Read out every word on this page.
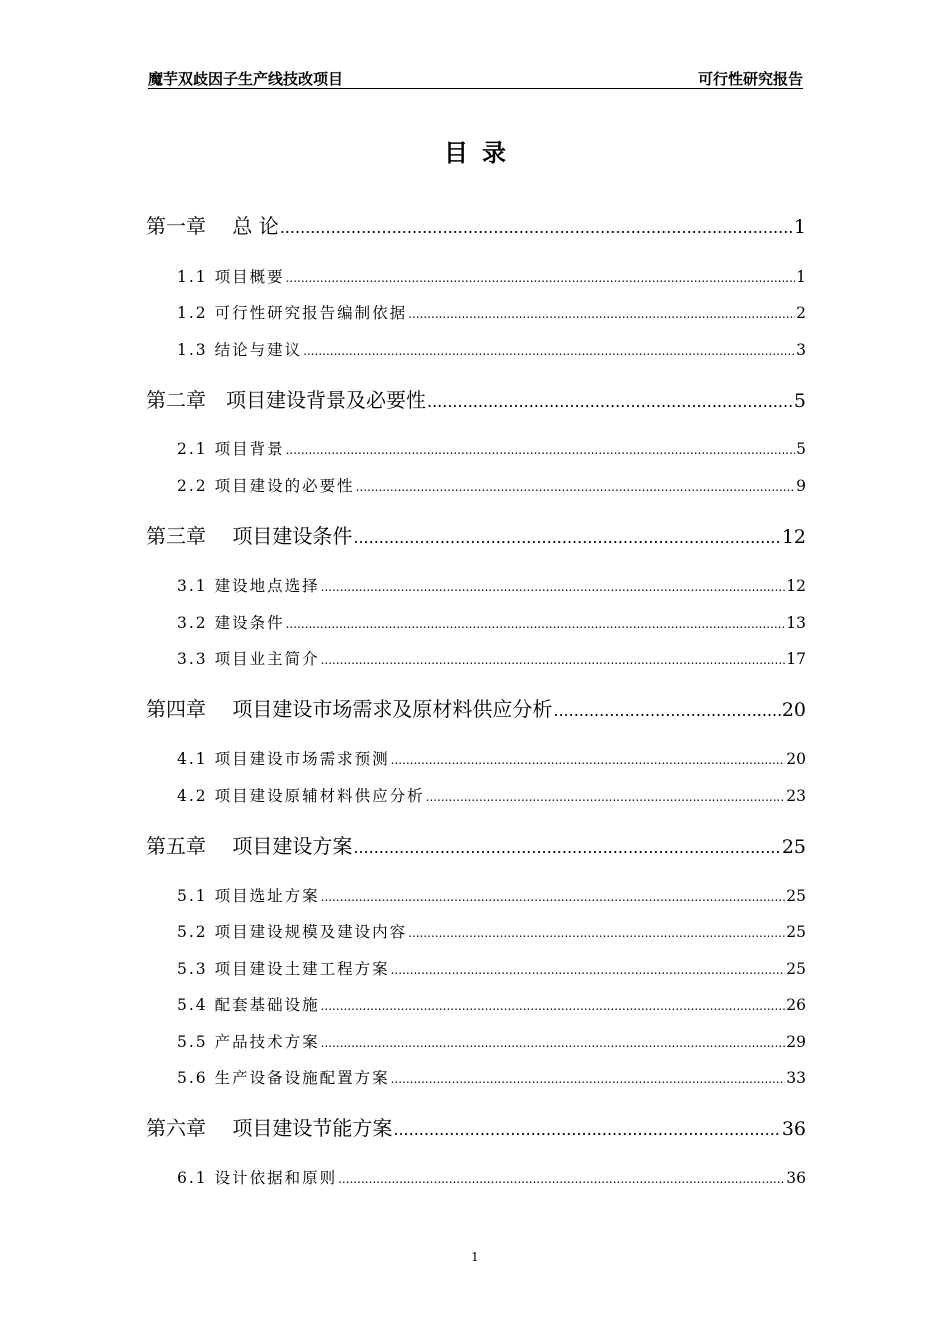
魔芋双歧因子生产线技改项目	可行性研究报告
目录
第一章　 总 论 .....	1
1.1 项目概要 .....	1
1.2 可行性研究报告编制依据 .....	2
1.3 结论与建议 .....	3
第二章　项目建设背景及必要性 .....	5
2.1 项目背景 .....	5
2.2 项目建设的必要性 .....	9
第三章　 项目建设条件 .....	12
3.1 建设地点选择 .....	12
3.2 建设条件 .....	13
3.3 项目业主简介 .....	17
第四章　 项目建设市场需求及原材料供应分析 .....	20
4.1 项目建设市场需求预测 .....	20
4.2 项目建设原辅材料供应分析 .....	23
第五章　 项目建设方案 .....	25
5.1 项目选址方案 .....	25
5.2 项目建设规模及建设内容 .....	25
5.3 项目建设土建工程方案 .....	25
5.4 配套基础设施 .....	26
5.5 产品技术方案 .....	29
5.6 生产设备设施配置方案 .....	33
第六章　 项目建设节能方案 .....	36
6.1 设计依据和原则 .....	36
1
